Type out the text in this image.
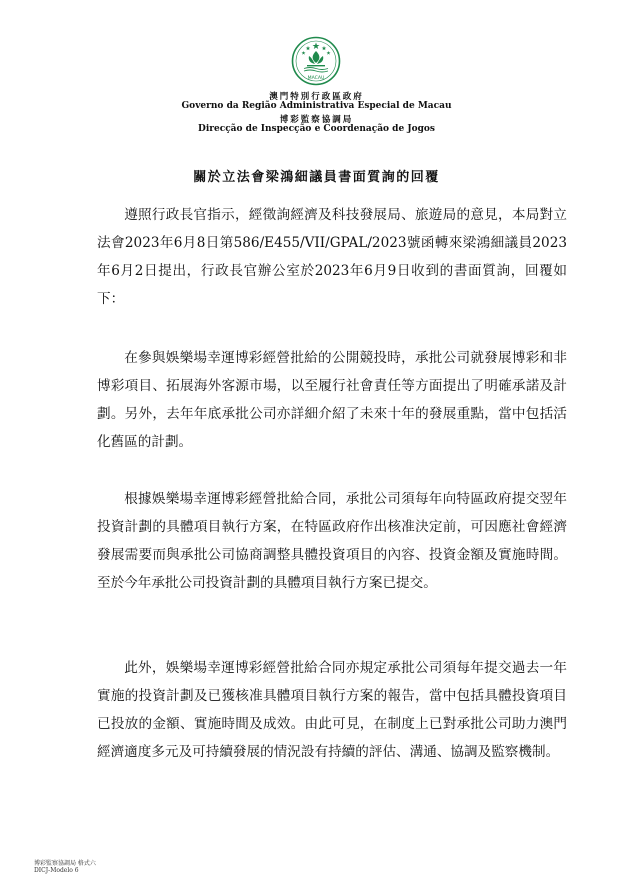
MACAU
澳門特別行政區政府
Governo da Região Administrativa Especial de Macau
博彩監察協調局
Direcção de Inspecção e Coordenação de Jogos
關於立法會梁鴻細議員書面質詢的回覆

遵照行政長官指示，經徵詢經濟及科技發展局、旅遊局的意見，本局對立法會2023年6月8日第586/E455/VII/GPAL/2023號函轉來梁鴻細議員2023年6月2日提出，行政長官辦公室於2023年6月9日收到的書面質詢，回覆如下：

在參與娛樂場幸運博彩經營批給的公開競投時，承批公司就發展博彩和非博彩項目、拓展海外客源市場，以至履行社會責任等方面提出了明確承諾及計劃。另外，去年年底承批公司亦詳細介紹了未來十年的發展重點，當中包括活化舊區的計劃。

根據娛樂場幸運博彩經營批給合同，承批公司須每年向特區政府提交翌年投資計劃的具體項目執行方案，在特區政府作出核准決定前，可因應社會經濟發展需要而與承批公司協商調整具體投資項目的內容、投資金額及實施時間。至於今年承批公司投資計劃的具體項目執行方案已提交。

此外，娛樂場幸運博彩經營批給合同亦規定承批公司須每年提交過去一年實施的投資計劃及已獲核准具體項目執行方案的報告，當中包括具體投資項目已投放的金額、實施時間及成效。由此可見，在制度上已對承批公司助力澳門經濟適度多元及可持續發展的情況設有持續的評估、溝通、協調及監察機制。

博彩監察協調局 格式六
DICJ-Modelo 6
